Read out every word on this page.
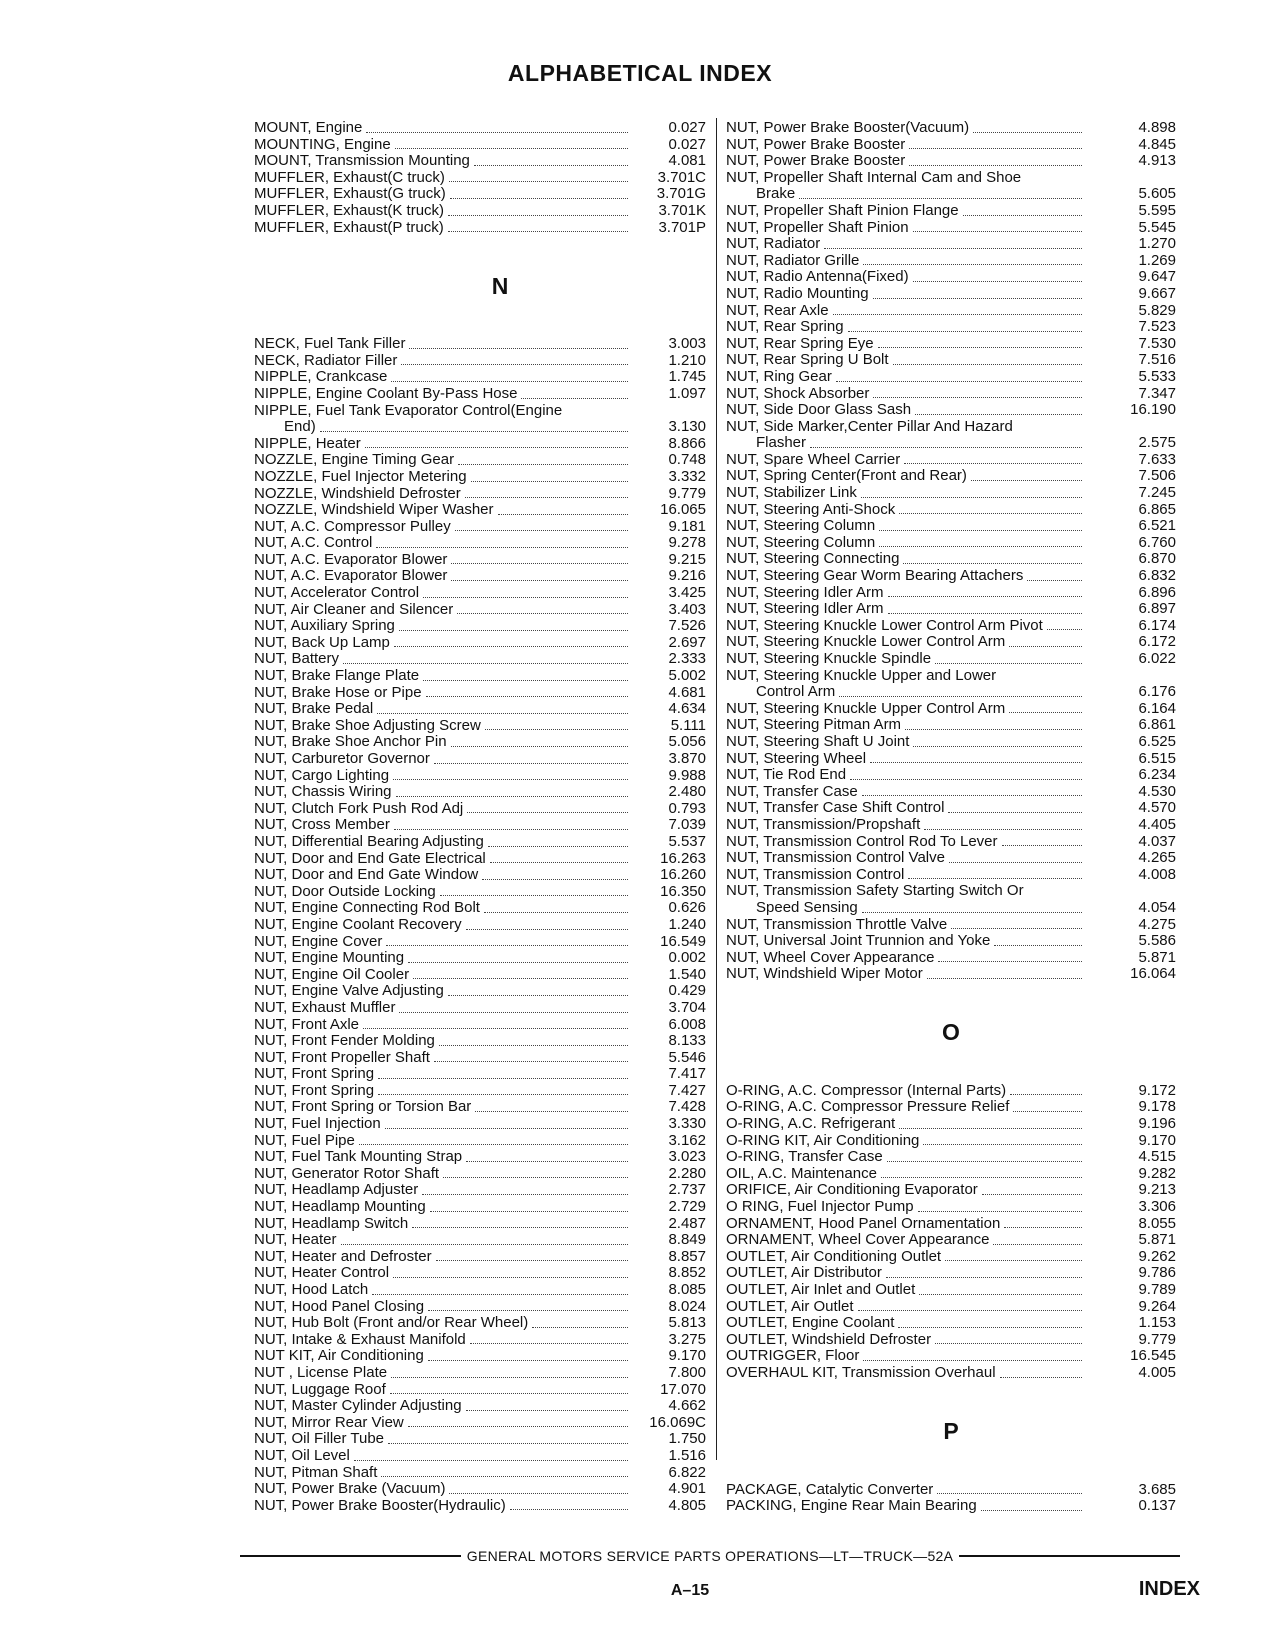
ALPHABETICAL INDEX
MOUNT, Engine	0.027
MOUNTING, Engine	0.027
MOUNT, Transmission Mounting	4.081
MUFFLER, Exhaust(C truck)	3.701C
MUFFLER, Exhaust(G truck)	3.701G
MUFFLER, Exhaust(K truck)	3.701K
MUFFLER, Exhaust(P truck)	3.701P
N
NECK, Fuel Tank Filler	3.003
NECK, Radiator Filler	1.210
NIPPLE, Crankcase	1.745
NIPPLE, Engine Coolant By-Pass Hose	1.097
NIPPLE, Fuel Tank Evaporator Control(Engine
End)	3.130
NIPPLE, Heater	8.866
NOZZLE, Engine Timing Gear	0.748
NOZZLE, Fuel Injector Metering	3.332
NOZZLE, Windshield Defroster	9.779
NOZZLE, Windshield Wiper Washer	16.065
NUT, A.C. Compressor Pulley	9.181
NUT, A.C. Control	9.278
NUT, A.C. Evaporator Blower	9.215
NUT, A.C. Evaporator Blower	9.216
NUT, Accelerator Control	3.425
NUT, Air Cleaner and Silencer	3.403
NUT, Auxiliary Spring	7.526
NUT, Back Up Lamp	2.697
NUT, Battery	2.333
NUT, Brake Flange Plate	5.002
NUT, Brake Hose or Pipe	4.681
NUT, Brake Pedal	4.634
NUT, Brake Shoe Adjusting Screw	5.111
NUT, Brake Shoe Anchor Pin	5.056
NUT, Carburetor Governor	3.870
NUT, Cargo Lighting	9.988
NUT, Chassis Wiring	2.480
NUT, Clutch Fork Push Rod Adj	0.793
NUT, Cross Member	7.039
NUT, Differential Bearing Adjusting	5.537
NUT, Door and End Gate Electrical	16.263
NUT, Door and End Gate Window	16.260
NUT, Door Outside Locking	16.350
NUT, Engine Connecting Rod Bolt	0.626
NUT, Engine Coolant Recovery	1.240
NUT, Engine Cover	16.549
NUT, Engine Mounting	0.002
NUT, Engine Oil Cooler	1.540
NUT, Engine Valve Adjusting	0.429
NUT, Exhaust Muffler	3.704
NUT, Front Axle	6.008
NUT, Front Fender Molding	8.133
NUT, Front Propeller Shaft	5.546
NUT, Front Spring	7.417
NUT, Front Spring	7.427
NUT, Front Spring or Torsion Bar	7.428
NUT, Fuel Injection	3.330
NUT, Fuel Pipe	3.162
NUT, Fuel Tank Mounting Strap	3.023
NUT, Generator Rotor Shaft	2.280
NUT, Headlamp Adjuster	2.737
NUT, Headlamp Mounting	2.729
NUT, Headlamp Switch	2.487
NUT, Heater	8.849
NUT, Heater and Defroster	8.857
NUT, Heater Control	8.852
NUT, Hood Latch	8.085
NUT, Hood Panel Closing	8.024
NUT, Hub Bolt (Front and/or Rear Wheel)	5.813
NUT, Intake & Exhaust Manifold	3.275
NUT KIT, Air Conditioning	9.170
NUT , License Plate	7.800
NUT, Luggage Roof	17.070
NUT, Master Cylinder Adjusting	4.662
NUT, Mirror Rear View	16.069C
NUT, Oil Filler Tube	1.750
NUT, Oil Level	1.516
NUT, Pitman Shaft	6.822
NUT, Power Brake (Vacuum)	4.901
NUT, Power Brake Booster(Hydraulic)	4.805
NUT, Power Brake Booster(Vacuum)	4.898
NUT, Power Brake Booster	4.845
NUT, Power Brake Booster	4.913
NUT, Propeller Shaft Internal Cam and Shoe
Brake	5.605
NUT, Propeller Shaft Pinion Flange	5.595
NUT, Propeller Shaft Pinion	5.545
NUT, Radiator	1.270
NUT, Radiator Grille	1.269
NUT, Radio Antenna(Fixed)	9.647
NUT, Radio Mounting	9.667
NUT, Rear Axle	5.829
NUT, Rear Spring	7.523
NUT, Rear Spring Eye	7.530
NUT, Rear Spring U Bolt	7.516
NUT, Ring Gear	5.533
NUT, Shock Absorber	7.347
NUT, Side Door Glass Sash	16.190
NUT, Side Marker,Center Pillar And Hazard
Flasher	2.575
NUT, Spare Wheel Carrier	7.633
NUT, Spring Center(Front and Rear)	7.506
NUT, Stabilizer Link	7.245
NUT, Steering Anti-Shock	6.865
NUT, Steering Column	6.521
NUT, Steering Column	6.760
NUT, Steering Connecting	6.870
NUT, Steering Gear Worm Bearing Attachers	6.832
NUT, Steering Idler Arm	6.896
NUT, Steering Idler Arm	6.897
NUT, Steering Knuckle Lower Control Arm Pivot	6.174
NUT, Steering Knuckle Lower Control Arm	6.172
NUT, Steering Knuckle Spindle	6.022
NUT, Steering Knuckle Upper and Lower
Control Arm	6.176
NUT, Steering Knuckle Upper Control Arm	6.164
NUT, Steering Pitman Arm	6.861
NUT, Steering Shaft U Joint	6.525
NUT, Steering Wheel	6.515
NUT, Tie Rod End	6.234
NUT, Transfer Case	4.530
NUT, Transfer Case Shift Control	4.570
NUT, Transmission/Propshaft	4.405
NUT, Transmission Control Rod To Lever	4.037
NUT, Transmission Control Valve	4.265
NUT, Transmission Control	4.008
NUT, Transmission Safety Starting Switch Or
Speed Sensing	4.054
NUT, Transmission Throttle Valve	4.275
NUT, Universal Joint Trunnion and Yoke	5.586
NUT, Wheel Cover Appearance	5.871
NUT, Windshield Wiper Motor	16.064
O
O-RING, A.C. Compressor (Internal Parts)	9.172
O-RING, A.C. Compressor Pressure Relief	9.178
O-RING, A.C. Refrigerant	9.196
O-RING KIT, Air Conditioning	9.170
O-RING, Transfer Case	4.515
OIL, A.C. Maintenance	9.282
ORIFICE, Air Conditioning Evaporator	9.213
O RING, Fuel Injector Pump	3.306
ORNAMENT, Hood Panel Ornamentation	8.055
ORNAMENT, Wheel Cover Appearance	5.871
OUTLET, Air Conditioning Outlet	9.262
OUTLET, Air Distributor	9.786
OUTLET, Air Inlet and Outlet	9.789
OUTLET, Air Outlet	9.264
OUTLET, Engine Coolant	1.153
OUTLET, Windshield Defroster	9.779
OUTRIGGER, Floor	16.545
OVERHAUL KIT, Transmission Overhaul	4.005
P
PACKAGE, Catalytic Converter	3.685
PACKING, Engine Rear Main Bearing	0.137
GENERAL MOTORS SERVICE PARTS OPERATIONS—LT—TRUCK—52A
A–15	INDEX
